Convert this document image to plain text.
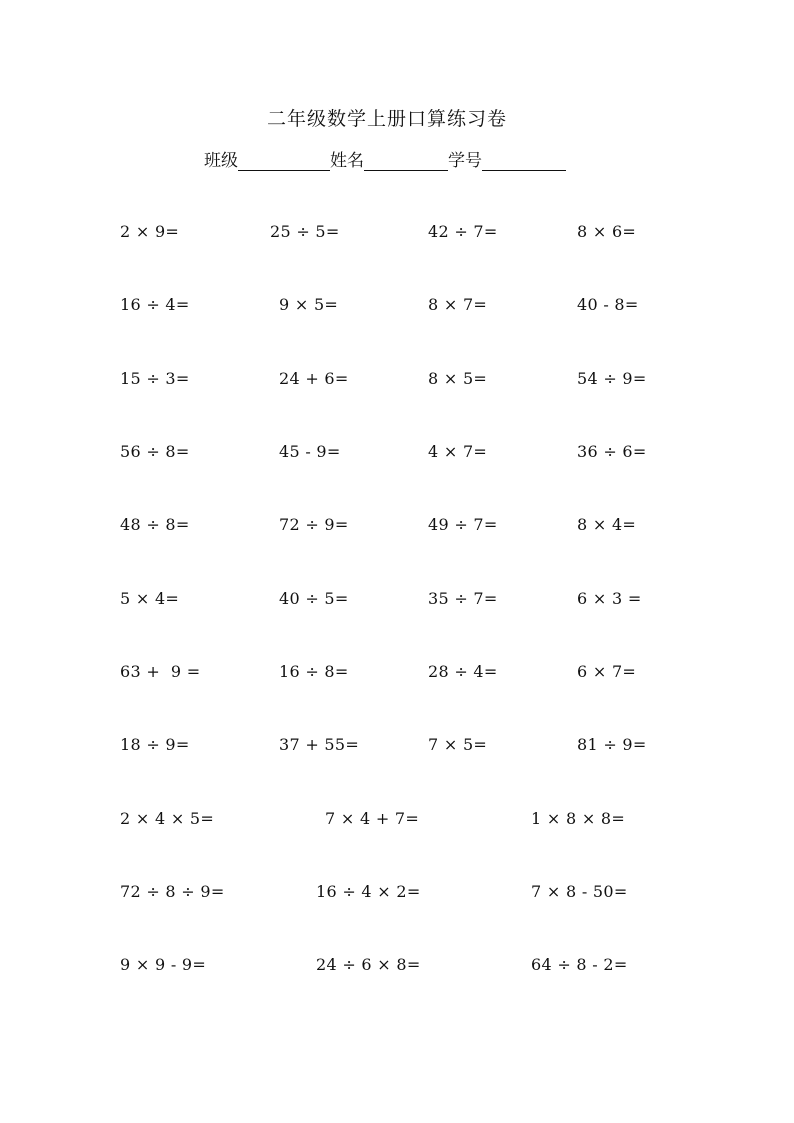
二年级数学上册口算练习卷
班级	姓名	学号
2 × 9=	25 ÷ 5=	42 ÷ 7=	8 × 6=
16 ÷ 4=	9 × 5=	8 × 7=	40 - 8=
15 ÷ 3=	24 + 6=	8 × 5=	54 ÷ 9=
56 ÷ 8=	45 - 9=	4 × 7=	36 ÷ 6=
48 ÷ 8=	72 ÷ 9=	49 ÷ 7=	8 × 4=
5 × 4=	40 ÷ 5=	35 ÷ 7=	6 × 3 =
63 +  9 =	16 ÷ 8=	28 ÷ 4=	6 × 7=
18 ÷ 9=	37 + 55=	7 × 5=	81 ÷ 9=
2 × 4 × 5=	7 × 4 + 7=	1 × 8 × 8=
72 ÷ 8 ÷ 9=	16 ÷ 4 × 2=	7 × 8 - 50=
9 × 9 - 9=	24 ÷ 6 × 8=	64 ÷ 8 - 2=
